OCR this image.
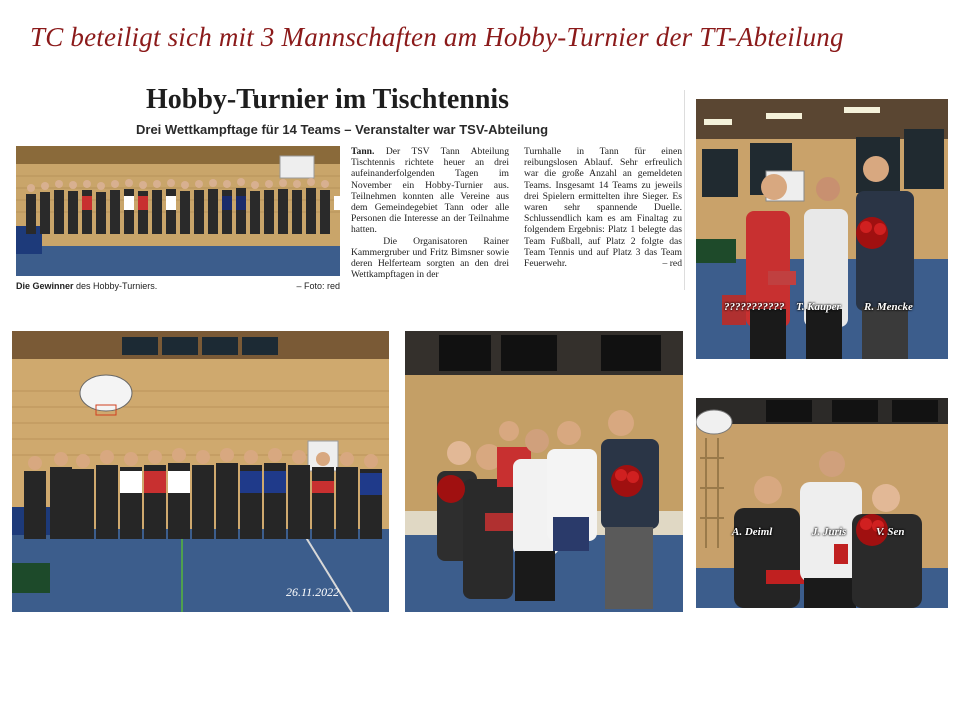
TC beteiligt sich mit 3 Mannschaften am Hobby-Turnier der TT-Abteilung
Hobby-Turnier im Tischtennis
Drei Wettkampftage für 14 Teams – Veranstalter war TSV-Abteilung
Die Gewinner des Hobby-Turniers.	– Foto: red
Tann. Der TSV Tann Abteilung Tischtennis richtete heuer an drei aufeinanderfolgenden Tagen im November ein Hobby-Turnier aus. Teilnehmen konnten alle Vereine aus dem Gemeindegebiet Tann oder alle Personen die Interesse an der Teilnahme hatten.
Die Organisatoren Rainer Kammergruber und Fritz Bimsner sowie deren Helferteam sorgten an den drei Wettkampftagen in der
Turnhalle in Tann für einen reibungslosen Ablauf. Sehr erfreulich war die große Anzahl an gemeldeten Teams. Insgesamt 14 Teams zu jeweils drei Spielern ermittelten ihre Sieger. Es waren sehr spannende Duelle. Schlussendlich kam es am Finaltag zu folgendem Ergebnis: Platz 1 belegte das Team Fußball, auf Platz 2 folgte das Team Tennis und auf Platz 3 das Team Feuerwehr.	– red
??????????? T. Kauper R. Mencke
26.11.2022
A. Deiml	J. Juris	V. Sen
